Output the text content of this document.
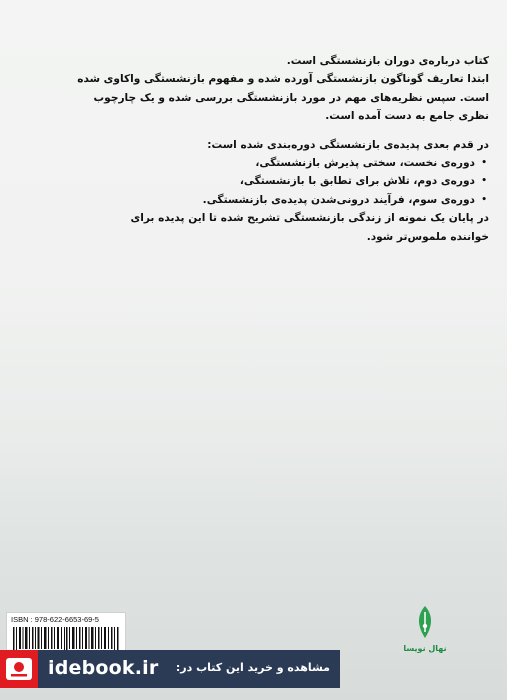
کتاب دربارە‌ی دوران بازنشستگی است.

ابتدا تعاریف گوناگون بازنشستگی آورده شده و مفهوم بازنشستگی واکاوی شده
است. سپس نظریه‌های مهم در مورد بازنشستگی بررسی شده و یک چارچوب
نظری جامع به دست آمده است.

در قدم بعدی پدیده‌ی بازنشستگی دوره‌بندی شده است:

•
دوره‌ی نخست، سختی پذیرش بازنشستگی،
•
دوره‌ی دوم، تلاش برای تطابق با بازنشستگی،
•
دوره‌ی سوم، فرآیند درونی‌شدن پدیده‌ی بازنشستگی.

در پایان یک نمونه از زندگی بازنشستگی تشریح شده تا این پدیده برای
خواننده ملموس‌تر شود.

ISBN : 978-622-6653-69-5
idebook.ir مشاهده و خرید این کتاب در:
نهال نویسا
